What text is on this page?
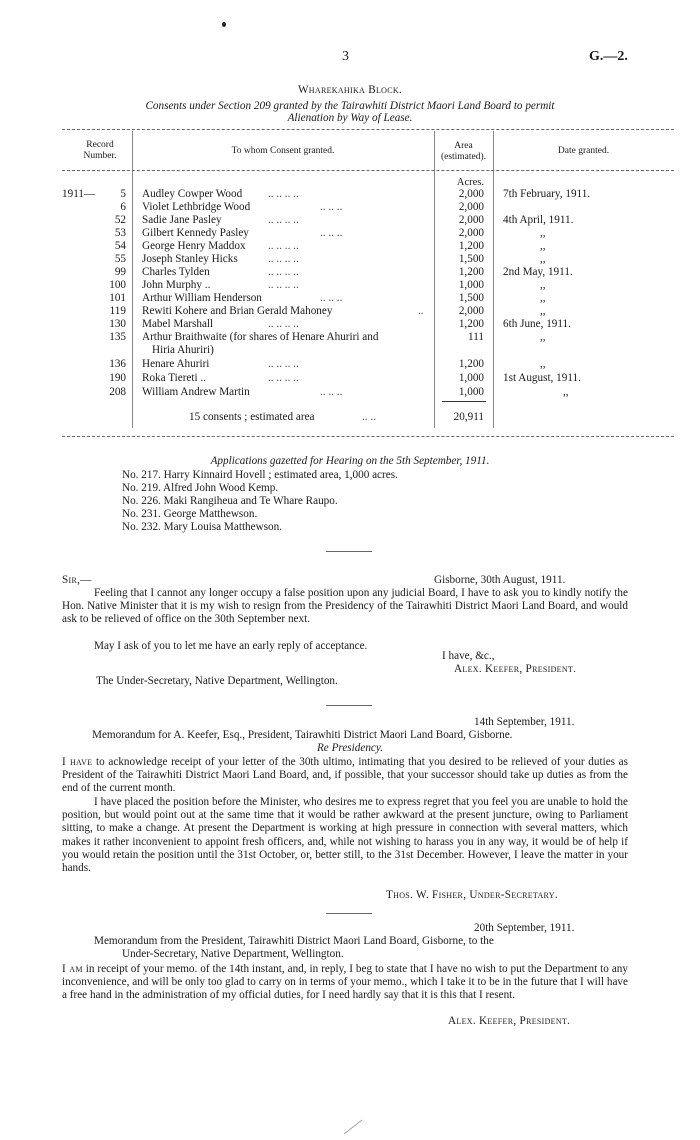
3	G.—2.
Wharekahika Block.
Consents under Section 209 granted by the Tairawhiti District Maori Land Board to permit
Alienation by Way of Lease.
Record
Number.	To whom Consent granted.	Area
(estimated).
Date granted.
Acres.
1911—	5 Audley Cowper Wood .. .. .. ..	2,000 7th February, 1911.
6 Violet Lethbridge Wood	.. .. ..	2,000
52 Sadie Jane Pasley	.. .. .. ..	2,000 4th April, 1911.
53 Gilbert Kennedy Pasley	.. .. ..	2,000	,,
54 George Henry Maddox .. .. .. ..	1,200	,,
55 Joseph Stanley Hicks	.. .. .. ..	1,500	,,
99 Charles Tylden	.. .. .. ..	1,200 2nd May, 1911.
100 John Murphy ..	.. .. .. ..	1,000	,,
101 Arthur William Henderson	.. .. ..	1,500	,,
119 Rewiti Kohere and Brian Gerald Mahoney	..	2,000	,,
130 Mabel Marshall	.. .. .. ..	1,200 6th June, 1911.
135 Arthur Braithwaite (for shares of Henare Ahuriri and	111	,,
Hiria Ahuriri)
136 Henare Ahuriri	.. .. .. ..	1,200	,,
190 Roka Tiereti ..	.. .. .. ..	1,000 1st August, 1911.
208 William Andrew Martin	.. .. ..	1,000	,,
15 consents ; estimated area	.. ..	20,911
Applications gazetted for Hearing on the 5th September, 1911.
No. 217. Harry Kinnaird Hovell ; estimated area, 1,000 acres.
No. 219. Alfred John Wood Kemp.
No. 226. Maki Rangiheua and Te Whare Raupo.
No. 231. George Matthewson.
No. 232. Mary Louisa Matthewson.
Sir,—	Gisborne, 30th August, 1911.
Feeling that I cannot any longer occupy a false position upon any judicial Board, I have to ask you to kindly notify the Hon. Native Minister that it is my wish to resign from the Presidency of the Tairawhiti District Maori Land Board, and would ask to be relieved of office on the 30th September next.
May I ask of you to let me have an early reply of acceptance.
I have, &c.,
Alex. Keefer, President.
The Under-Secretary, Native Department, Wellington.
14th September, 1911.
Memorandum for A. Keefer, Esq., President, Tairawhiti District Maori Land Board, Gisborne.
Re Presidency.
I have to acknowledge receipt of your letter of the 30th ultimo, intimating that you desired to be relieved of your duties as President of the Tairawhiti District Maori Land Board, and, if possible, that your successor should take up duties as from the end of the current month.
I have placed the position before the Minister, who desires me to express regret that you feel you are unable to hold the position, but would point out at the same time that it would be rather awkward at the present juncture, owing to Parliament sitting, to make a change. At present the Department is working at high pressure in connection with several matters, which makes it rather inconvenient to appoint fresh officers, and, while not wishing to harass you in any way, it would be of help if you would retain the position until the 31st October, or, better still, to the 31st December. However, I leave the matter in your hands.
Thos. W. Fisher, Under-Secretary.
20th September, 1911.
Memorandum from the President, Tairawhiti District Maori Land Board, Gisborne, to the
Under-Secretary, Native Department, Wellington.
I am in receipt of your memo. of the 14th instant, and, in reply, I beg to state that I have no wish to put the Department to any inconvenience, and will be only too glad to carry on in terms of your memo., which I take it to be in the future that I will have a free hand in the administration of my official duties, for I need hardly say that it is this that I resent.
Alex. Keefer, President.
